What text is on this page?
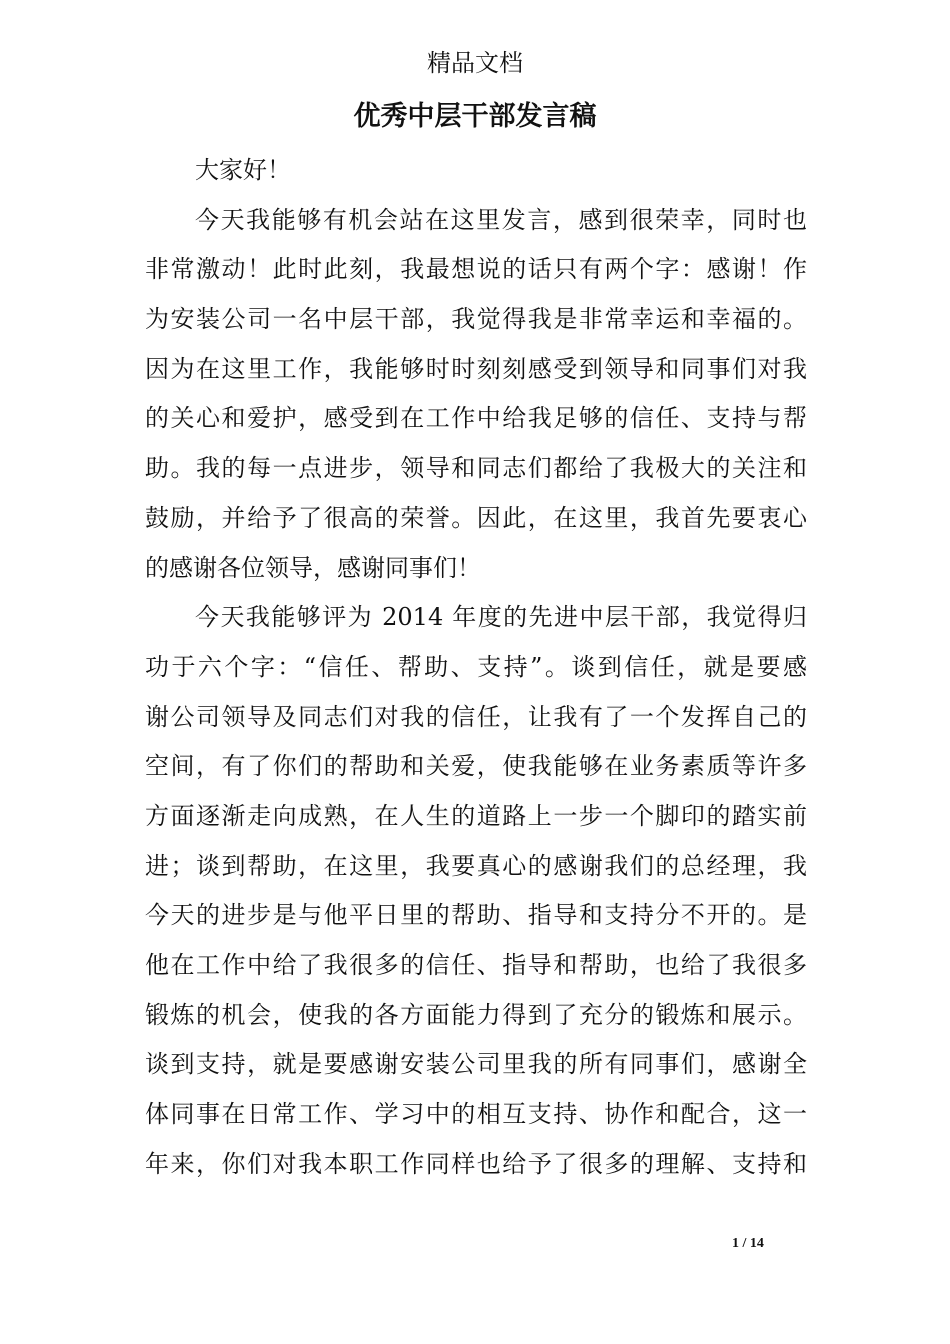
精品文档
优秀中层干部发言稿
大家好！
今天我能够有机会站在这里发言，感到很荣幸，同时也
非常激动！此时此刻，我最想说的话只有两个字：感谢！作
为安装公司一名中层干部，我觉得我是非常幸运和幸福的。
因为在这里工作，我能够时时刻刻感受到领导和同事们对我
的关心和爱护，感受到在工作中给我足够的信任、支持与帮
助。我的每一点进步，领导和同志们都给了我极大的关注和
鼓励，并给予了很高的荣誉。因此，在这里，我首先要衷心
的感谢各位领导，感谢同事们！
今天我能够评为 2014 年度的先进中层干部，我觉得归
功于六个字：“信任、帮助、支持”。谈到信任，就是要感
谢公司领导及同志们对我的信任，让我有了一个发挥自己的
空间，有了你们的帮助和关爱，使我能够在业务素质等许多
方面逐渐走向成熟，在人生的道路上一步一个脚印的踏实前
进；谈到帮助，在这里，我要真心的感谢我们的总经理，我
今天的进步是与他平日里的帮助、指导和支持分不开的。是
他在工作中给了我很多的信任、指导和帮助，也给了我很多
锻炼的机会，使我的各方面能力得到了充分的锻炼和展示。
谈到支持，就是要感谢安装公司里我的所有同事们，感谢全
体同事在日常工作、学习中的相互支持、协作和配合，这一
年来，你们对我本职工作同样也给予了很多的理解、支持和
1 / 14
